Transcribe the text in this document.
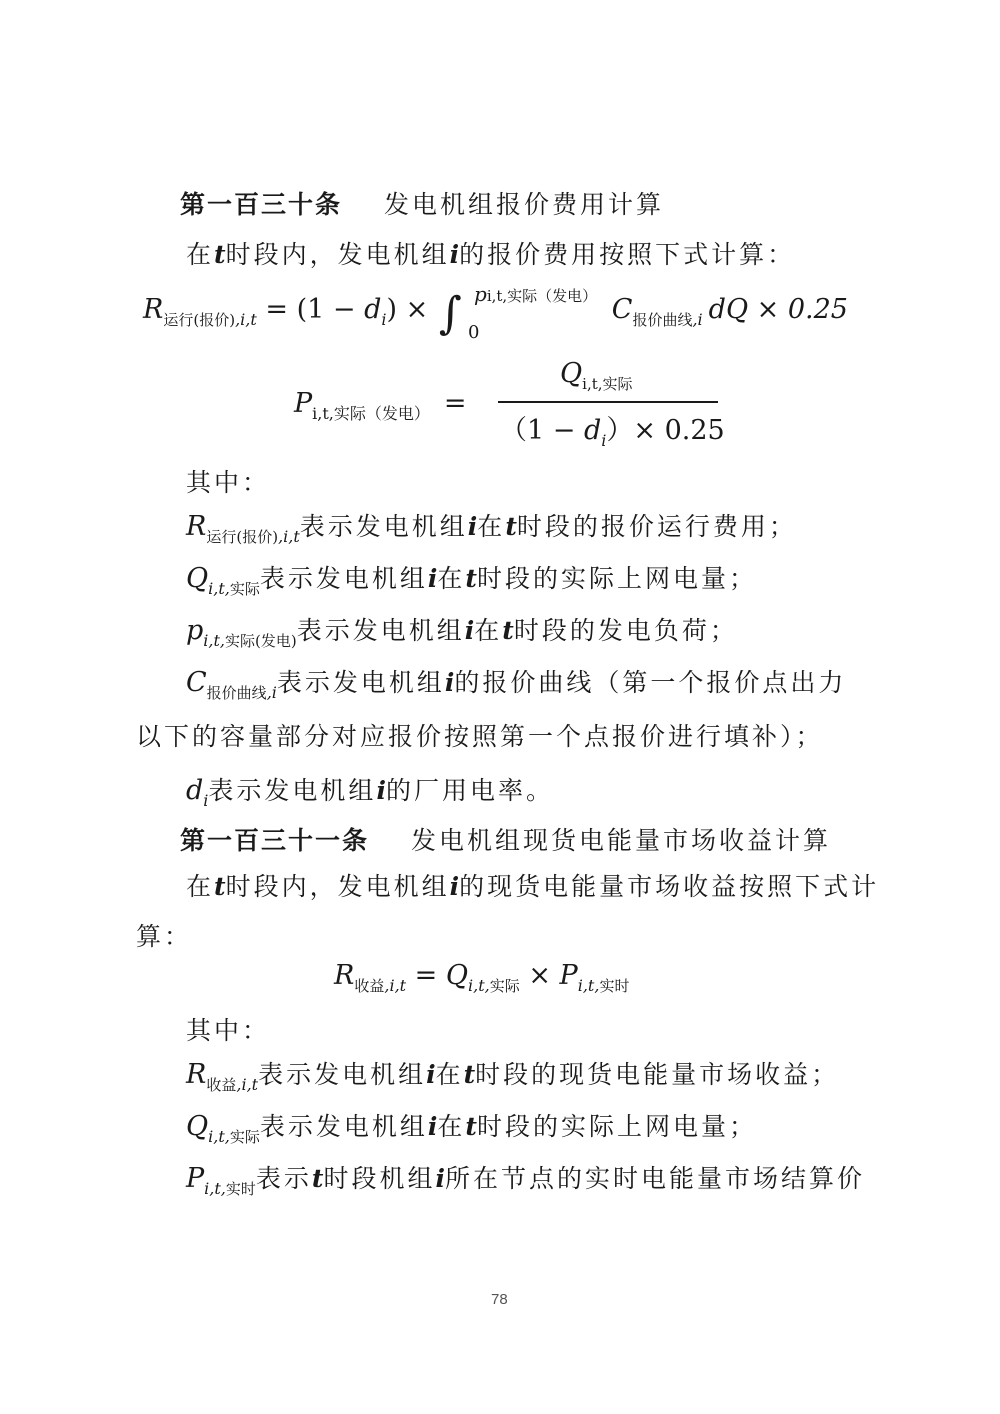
第一百三十条 发电机组报价费用计算
在t时段内，发电机组i的报价费用按照下式计算：
$R_{运行(报价),i,t} = (1 - d_i)$ × ∫	$C_{报价曲线,i}$ dQ × 0.25
pi,t,实际（发电）
0
$P_{i,t,实际(发电)}$ =
$Q_{i,t,实际}$
$(1 - d_i)\times 0.25$
其中：
$R_{运行(报价),i,t}$表示发电机组i在t时段的报价运行费用；
$Q_{i,t,实际}$表示发电机组i在t时段的实际上网电量；
$p_{i,t,实际(发电)}$表示发电机组i在t时段的发电负荷；
$C_{报价曲线,i}$表示发电机组i的报价曲线（第一个报价点出力
以下的容量部分对应报价按照第一个点报价进行填补）；
$d_i$表示发电机组i的厂用电率。
第一百三十一条 发电机组现货电能量市场收益计算
在t时段内，发电机组i的现货电能量市场收益按照下式计
算：
$R_{收益,i,t} = Q_{i,t,实际} \times P_{i,t,实时}$
其中：
$R_{收益,i,t}$表示发电机组i在t时段的现货电能量市场收益；
$Q_{i,t,实际}$表示发电机组i在t时段的实际上网电量；
$P_{i,t,实时}$表示t时段机组i所在节点的实时电能量市场结算价
78
